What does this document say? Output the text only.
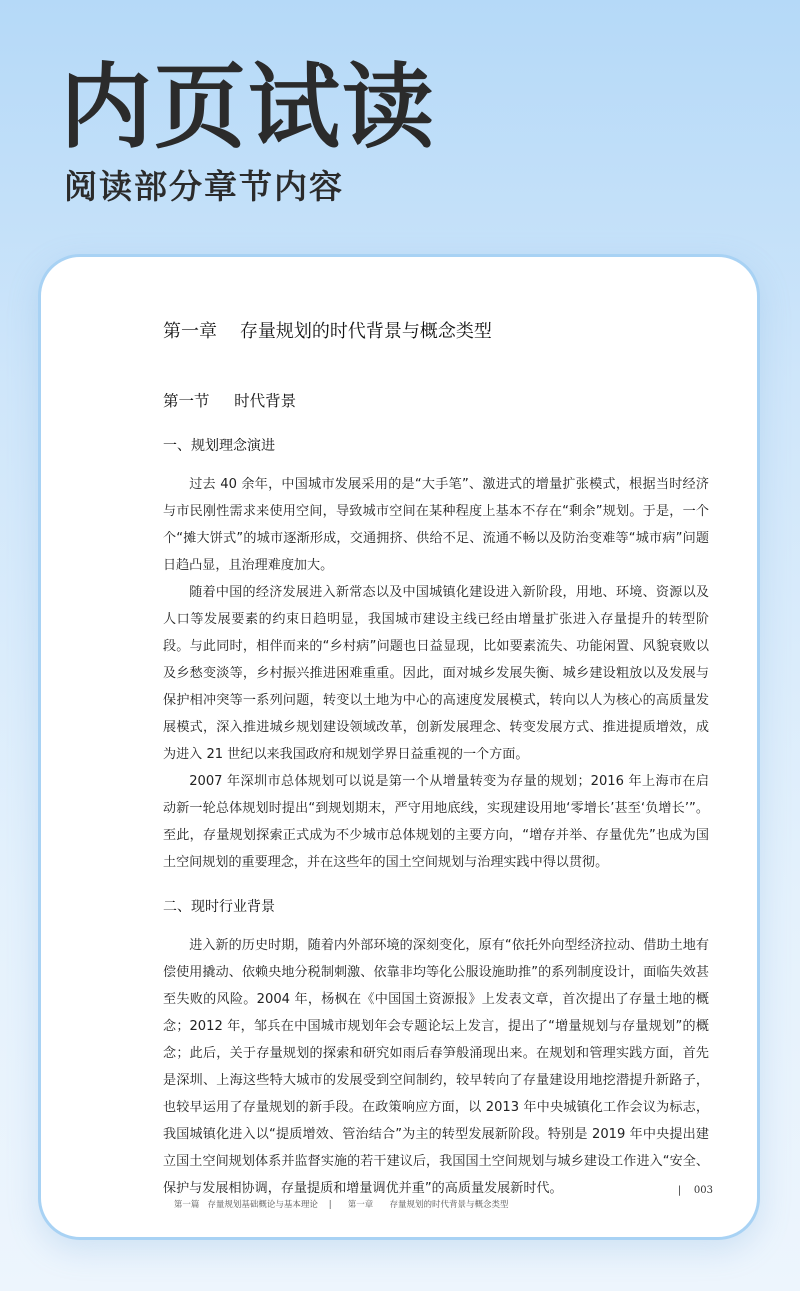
内页试读
阅读部分章节内容
第一章    存量规划的时代背景与概念类型
第一节     时代背景
一、规划理念演进

过去 40 余年，中国城市发展采用的是“大手笔”、激进式的增量扩张模式，根据当时经济与市民刚性需求来使用空间，导致城市空间在某种程度上基本不存在“剩余”规划。于是，一个个“摊大饼式”的城市逐渐形成，交通拥挤、供给不足、流通不畅以及防治变难等“城市病”问题日趋凸显，且治理难度加大。

随着中国的经济发展进入新常态以及中国城镇化建设进入新阶段，用地、环境、资源以及人口等发展要素的约束日趋明显，我国城市建设主线已经由增量扩张进入存量提升的转型阶段。与此同时，相伴而来的“乡村病”问题也日益显现，比如要素流失、功能闲置、风貌衰败以及乡愁变淡等，乡村振兴推进困难重重。因此，面对城乡发展失衡、城乡建设粗放以及发展与保护相冲突等一系列问题，转变以土地为中心的高速度发展模式，转向以人为核心的高质量发展模式，深入推进城乡规划建设领域改革，创新发展理念、转变发展方式、推进提质增效，成为进入 21 世纪以来我国政府和规划学界日益重视的一个方面。

2007 年深圳市总体规划可以说是第一个从增量转变为存量的规划；2016 年上海市在启动新一轮总体规划时提出“到规划期末，严守用地底线，实现建设用地‘零增长’甚至‘负增长’”。至此，存量规划探索正式成为不少城市总体规划的主要方向，“增存并举、存量优先”也成为国土空间规划的重要理念，并在这些年的国土空间规划与治理实践中得以贯彻。

二、现时行业背景

进入新的历史时期，随着内外部环境的深刻变化，原有“依托外向型经济拉动、借助土地有偿使用撬动、依赖央地分税制刺激、依靠非均等化公服设施助推”的系列制度设计，面临失效甚至失败的风险。2004 年，杨枫在《中国国土资源报》上发表文章，首次提出了存量土地的概念；2012 年，邹兵在中国城市规划年会专题论坛上发言，提出了“增量规划与存量规划”的概念；此后，关于存量规划的探索和研究如雨后春笋般涌现出来。在规划和管理实践方面，首先是深圳、上海这些特大城市的发展受到空间制约，较早转向了存量建设用地挖潜提升新路子，也较早运用了存量规划的新手段。在政策响应方面，以 2013 年中央城镇化工作会议为标志，我国城镇化进入以“提质增效、管治结合”为主的转型发展新阶段。特别是 2019 年中央提出建立国土空间规划体系并监督实施的若干建议后，我国国土空间规划与城乡建设工作进入“安全、保护与发展相协调，存量提质和增量调优并重”的高质量发展新时代。

第一篇   存量规划基础概论与基本理论    |      第一章      存量规划的时代背景与概念类型

|    003
